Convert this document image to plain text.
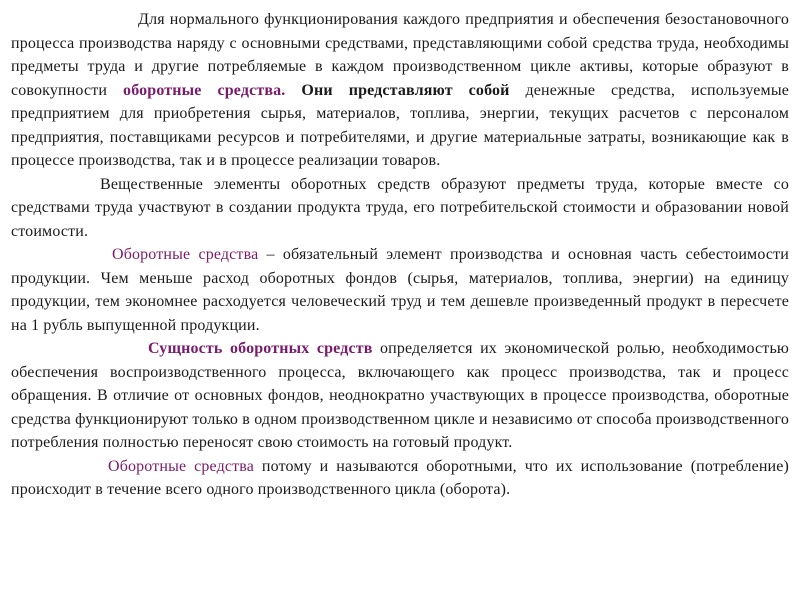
Для нормального функционирования каждого предприятия и обеспечения безостановочного процесса производства наряду с основными средствами, представляющими собой средства труда, необходимы предметы труда и другие потребляемые в каждом производственном цикле активы, которые образуют в совокупности оборотные средства. Они представляют собой денежные средства, используемые предприятием для приобретения сырья, материалов, топлива, энергии, текущих расчетов с персоналом предприятия, поставщиками ресурсов и потребителями, и другие материальные затраты, возникающие как в процессе производства, так и в процессе реализации товаров.

Вещественные элементы оборотных средств образуют предметы труда, которые вместе со средствами труда участвуют в создании продукта труда, его потребительской стоимости и образовании новой стоимости.

Оборотные средства – обязательный элемент производства и основная часть себестоимости продукции. Чем меньше расход оборотных фондов (сырья, материалов, топлива, энергии) на единицу продукции, тем экономнее расходуется человеческий труд и тем дешевле произведенный продукт в пересчете на 1 рубль выпущенной продукции.

Сущность оборотных средств определяется их экономической ролью, необходимостью обеспечения воспроизводственного процесса, включающего как процесс производства, так и процесс обращения. В отличие от основных фондов, неоднократно участвующих в процессе производства, оборотные средства функционируют только в одном производственном цикле и независимо от способа производственного потребления полностью переносят свою стоимость на готовый продукт.

Оборотные средства потому и называются оборотными, что их использование (потребление) происходит в течение всего одного производственного цикла (оборота).
